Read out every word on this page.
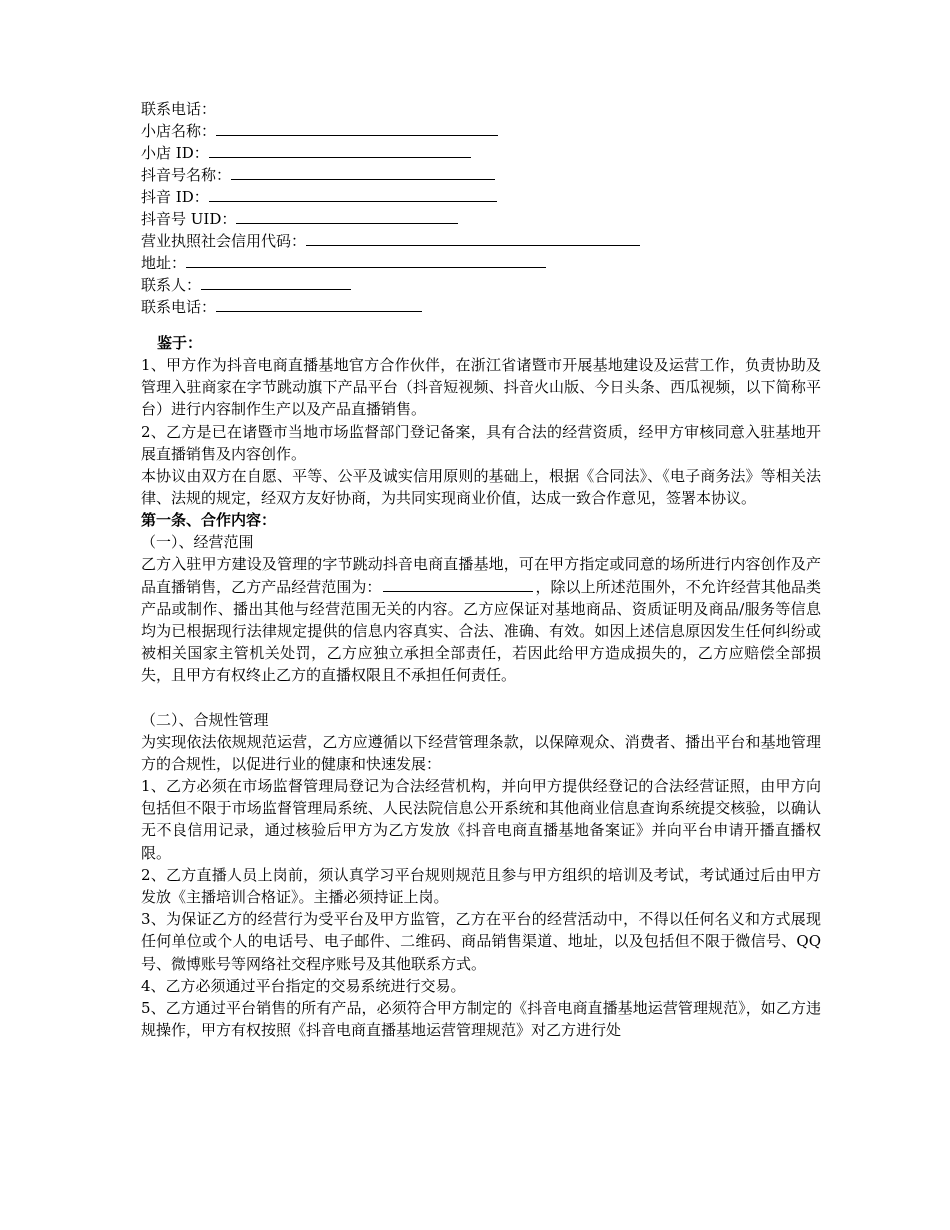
联系电话：
小店名称：
小店 ID：
抖音号名称：
抖音 ID：
抖音号 UID：
营业执照社会信用代码：
地址：
联系人：
联系电话：
鉴于：
1、甲方作为抖音电商直播基地官方合作伙伴，在浙江省诸暨市开展基地建设及运营工作，负责协助及管理入驻商家在字节跳动旗下产品平台（抖音短视频、抖音火山版、今日头条、西瓜视频，以下简称平台）进行内容制作生产以及产品直播销售。
2、乙方是已在诸暨市当地市场监督部门登记备案，具有合法的经营资质，经甲方审核同意入驻基地开展直播销售及内容创作。
本协议由双方在自愿、平等、公平及诚实信用原则的基础上，根据《合同法》、《电子商务法》等相关法律、法规的规定，经双方友好协商，为共同实现商业价值，达成一致合作意见，签署本协议。
第一条、合作内容：
（一）、经营范围
乙方入驻甲方建设及管理的字节跳动抖音电商直播基地，可在甲方指定或同意的场所进行内容创作及产品直播销售，乙方产品经营范围为：	，除以上所述范围外，不允许经营其他品类产品或制作、播出其他与经营范围无关的内容。乙方应保证对基地商品、资质证明及商品/服务等信息均为已根据现行法律规定提供的信息内容真实、合法、准确、有效。如因上述信息原因发生任何纠纷或被相关国家主管机关处罚，乙方应独立承担全部责任，若因此给甲方造成损失的，乙方应赔偿全部损失，且甲方有权终止乙方的直播权限且不承担任何责任。
（二）、合规性管理
为实现依法依规规范运营，乙方应遵循以下经营管理条款，以保障观众、消费者、播出平台和基地管理方的合规性，以促进行业的健康和快速发展：
1、乙方必须在市场监督管理局登记为合法经营机构，并向甲方提供经登记的合法经营证照，由甲方向包括但不限于市场监督管理局系统、人民法院信息公开系统和其他商业信息查询系统提交核验，以确认无不良信用记录，通过核验后甲方为乙方发放《抖音电商直播基地备案证》并向平台申请开播直播权限。
2、乙方直播人员上岗前，须认真学习平台规则规范且参与甲方组织的培训及考试，考试通过后由甲方发放《主播培训合格证》。主播必须持证上岗。
3、为保证乙方的经营行为受平台及甲方监管，乙方在平台的经营活动中，不得以任何名义和方式展现任何单位或个人的电话号、电子邮件、二维码、商品销售渠道、地址，以及包括但不限于微信号、QQ 号、微博账号等网络社交程序账号及其他联系方式。
4、乙方必须通过平台指定的交易系统进行交易。
5、乙方通过平台销售的所有产品，必须符合甲方制定的《抖音电商直播基地运营管理规范》，如乙方违规操作，甲方有权按照《抖音电商直播基地运营管理规范》对乙方进行处
